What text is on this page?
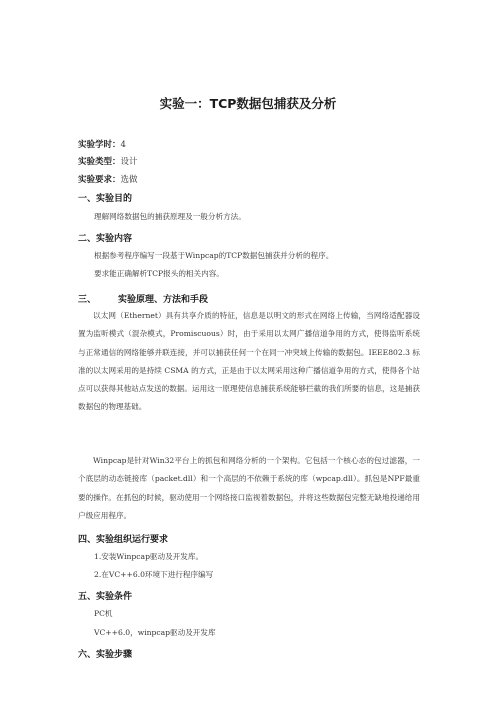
实验一：TCP数据包捕获及分析
实验学时：4
实验类型：设计
实验要求：选做
一、实验目的
理解网络数据包的捕获原理及一般分析方法。
二、实验内容
根据参考程序编写一段基于Winpcap的TCP数据包捕获并分析的程序。
要求能正确解析TCP报头的相关内容。
三、 实验原理、方法和手段

以太网（Ethernet）具有共享介质的特征，信息是以明文的形式在网络上传输，当网络适配器设置为监听模式（混杂模式，Promiscuous）时，由于采用以太网广播信道争用的方式，使得监听系统与正常通信的网络能够并联连接，并可以捕获任何一个在同一冲突域上传输的数据包。IEEE802.3 标准的以太网采用的是持续 CSMA 的方式，正是由于以太网采用这种广播信道争用的方式，使得各个站点可以获得其他站点发送的数据。运用这一原理使信息捕获系统能够拦截的我们所要的信息，这是捕获数据包的物理基础。

Winpcap是针对Win32平台上的抓包和网络分析的一个架构。它包括一个核心态的包过滤器，一个底层的动态链接库（packet.dll）和一个高层的不依赖于系统的库（wpcap.dll）。抓包是NPF最重要的操作。在抓包的时候，驱动使用一个网络接口监视着数据包，并将这些数据包完整无缺地投递给用户级应用程序。

四、实验组织运行要求
1.安装Winpcap驱动及开发库。
2.在VC++6.0环境下进行程序编写
五、实验条件
PC机
VC++6.0，winpcap驱动及开发库
六、实验步骤
